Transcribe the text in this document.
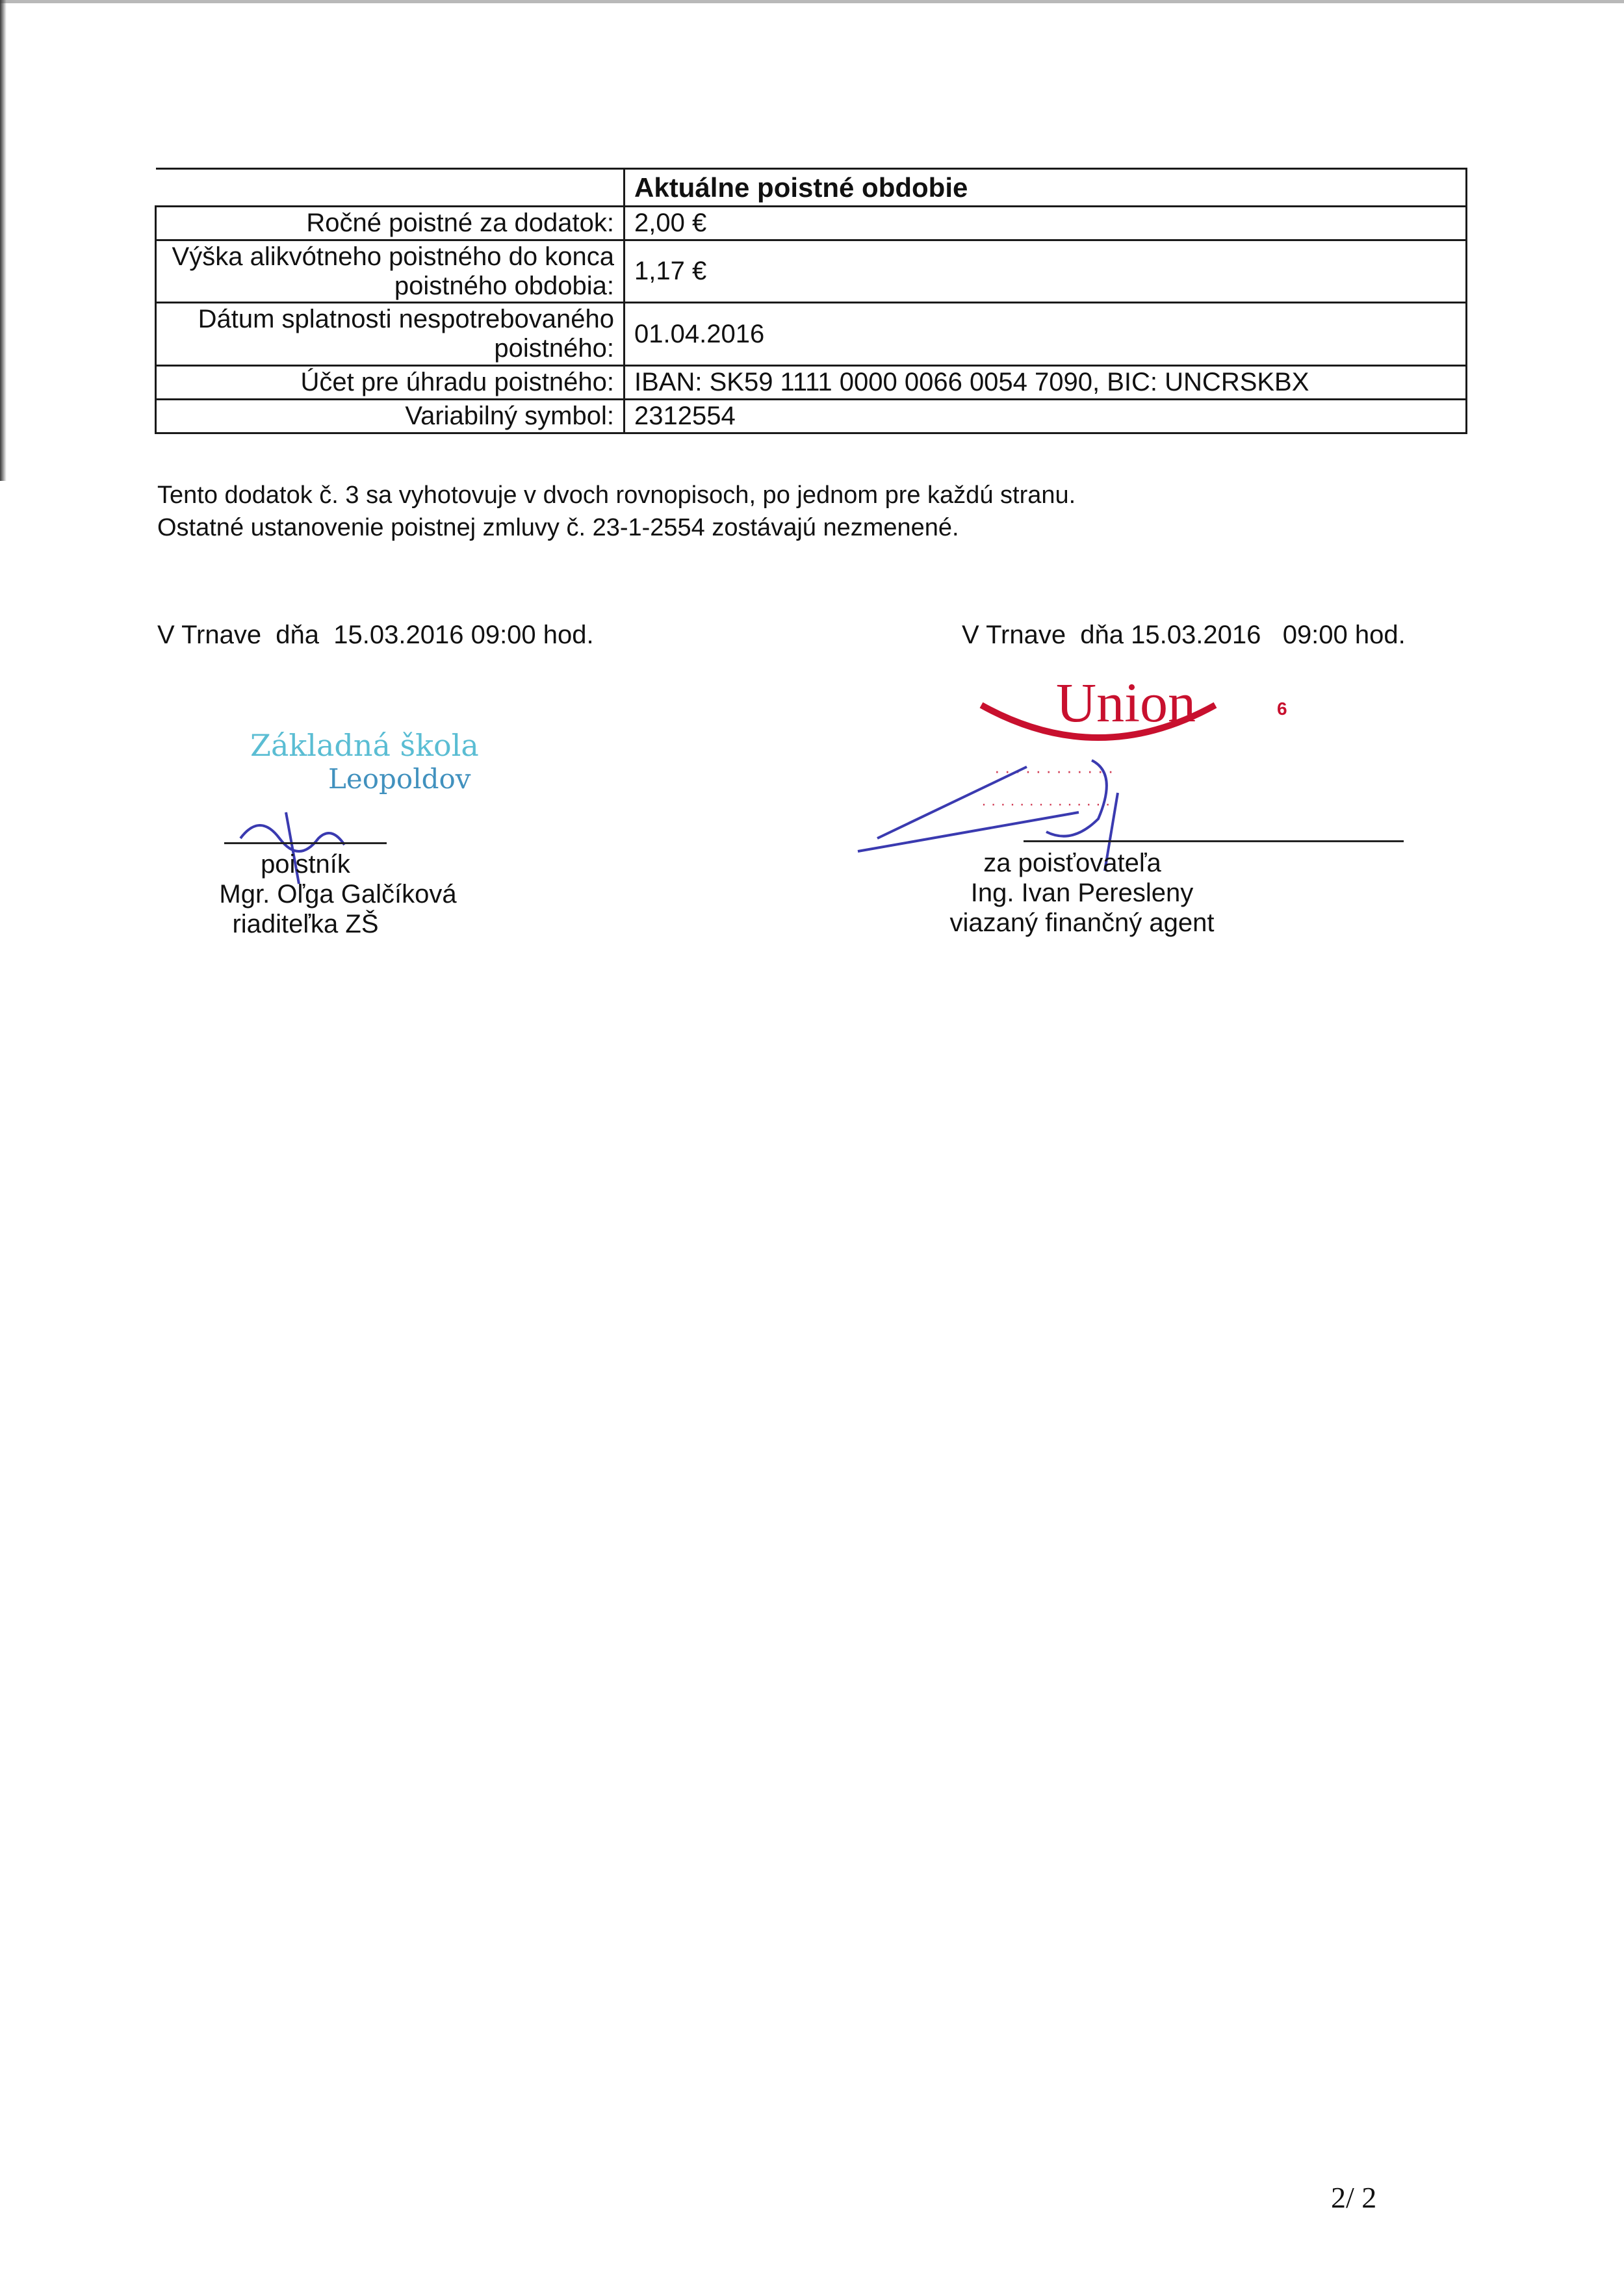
	Aktuálne poistné obdobie
Ročné poistné za dodatok:	2,00 €
Výška alikvótneho poistného do konca poistného obdobia:	1,17 €
Dátum splatnosti nespotrebovaného poistného:	01.04.2016
Účet pre úhradu poistného:	IBAN: SK59 1111 0000 0066 0054 7090, BIC: UNCRSKBX
Variabilný symbol:	2312554
Tento dodatok č. 3 sa vyhotovuje v dvoch rovnopisoch, po jednom pre každú stranu.
Ostatné ustanovenie poistnej zmluvy č. 23-1-2554 zostávajú nezmenené.
V Trnave  dňa  15.03.2016 09:00 hod.	V Trnave  dňa 15.03.2016   09:00 hod.
Základná škola
Leopoldov
poistník
Mgr. Oľga Galčíková
riaditeľka ZŠ
Union	6
· · · · · · · · · · · ·
· · · · · · · · · · · · · ·
za poisťovateľa
Ing. Ivan Peresleny
viazaný finančný agent
2/ 2
